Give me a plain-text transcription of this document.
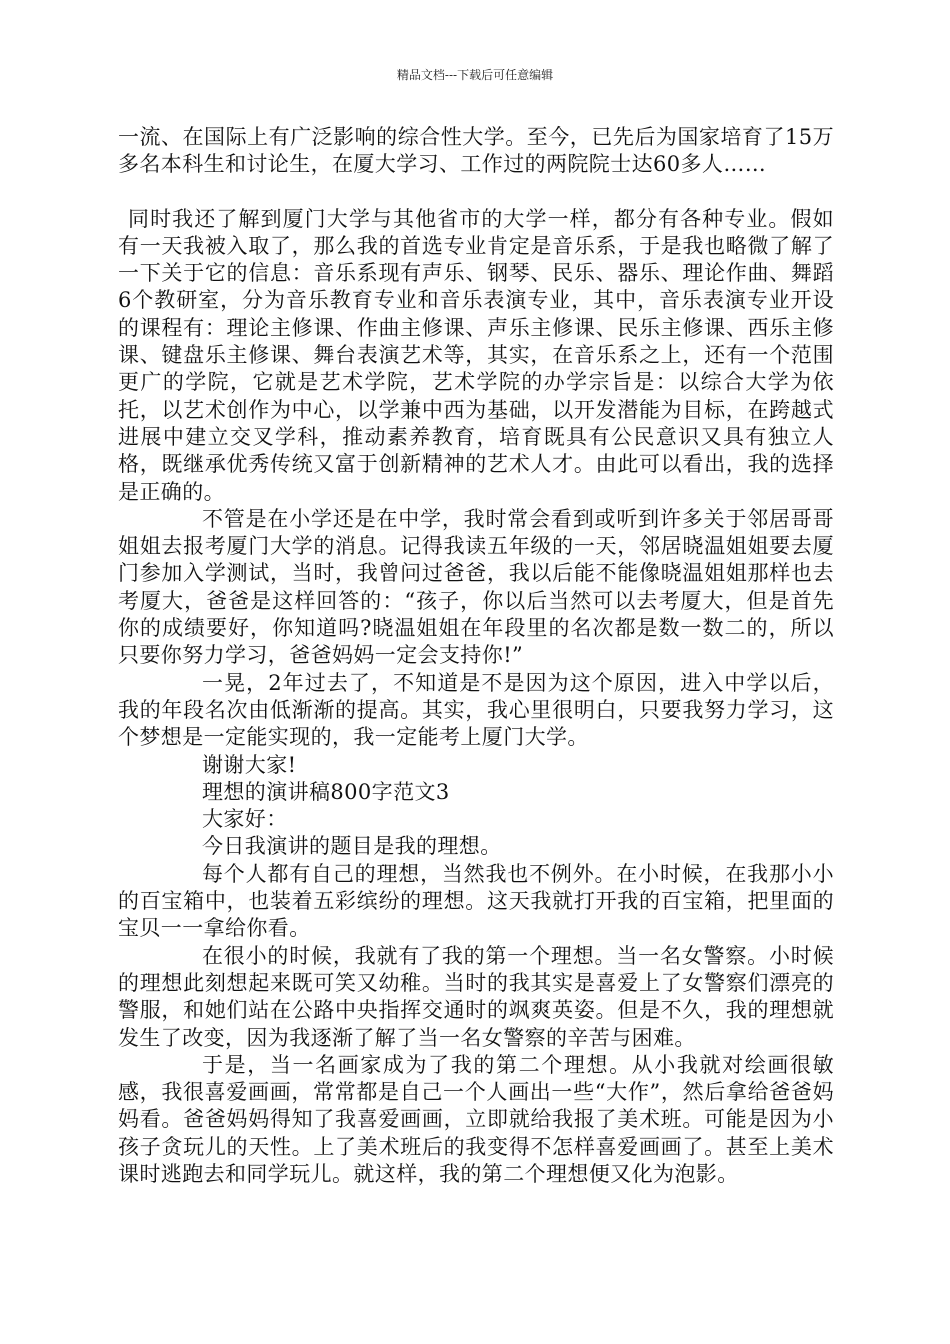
精品文档---下载后可任意编辑

一流、在国际上有广泛影响的综合性大学。至今，已先后为国家培育了15万多名本科生和讨论生，在厦大学习、工作过的两院院士达60多人……

同时我还了解到厦门大学与其他省市的大学一样，都分有各种专业。假如有一天我被入取了，那么我的首选专业肯定是音乐系，于是我也略微了解了一下关于它的信息：音乐系现有声乐、钢琴、民乐、器乐、理论作曲、舞蹈6个教研室，分为音乐教育专业和音乐表演专业，其中，音乐表演专业开设的课程有：理论主修课、作曲主修课、声乐主修课、民乐主修课、西乐主修课、键盘乐主修课、舞台表演艺术等，其实，在音乐系之上，还有一个范围更广的学院，它就是艺术学院，艺术学院的办学宗旨是：以综合大学为依托，以艺术创作为中心，以学兼中西为基础，以开发潜能为目标，在跨越式进展中建立交叉学科，推动素养教育，培育既具有公民意识又具有独立人格，既继承优秀传统又富于创新精神的艺术人才。由此可以看出，我的选择是正确的。

不管是在小学还是在中学，我时常会看到或听到许多关于邻居哥哥姐姐去报考厦门大学的消息。记得我读五年级的一天，邻居晓温姐姐要去厦门参加入学测试，当时，我曾问过爸爸，我以后能不能像晓温姐姐那样也去考厦大，爸爸是这样回答的：“孩子，你以后当然可以去考厦大，但是首先你的成绩要好，你知道吗?晓温姐姐在年段里的名次都是数一数二的，所以只要你努力学习，爸爸妈妈一定会支持你!”

一晃，2年过去了，不知道是不是因为这个原因，进入中学以后，我的年段名次由低渐渐的提高。其实，我心里很明白，只要我努力学习，这个梦想是一定能实现的，我一定能考上厦门大学。

谢谢大家!

理想的演讲稿800字范文3

大家好：

今日我演讲的题目是我的理想。

每个人都有自己的理想，当然我也不例外。在小时候，在我那小小的百宝箱中，也装着五彩缤纷的理想。这天我就打开我的百宝箱，把里面的宝贝一一拿给你看。

在很小的时候，我就有了我的第一个理想。当一名女警察。小时候的理想此刻想起来既可笑又幼稚。当时的我其实是喜爱上了女警察们漂亮的警服，和她们站在公路中央指挥交通时的飒爽英姿。但是不久，我的理想就发生了改变，因为我逐渐了解了当一名女警察的辛苦与困难。

于是，当一名画家成为了我的第二个理想。从小我就对绘画很敏感，我很喜爱画画，常常都是自己一个人画出一些“大作”，然后拿给爸爸妈妈看。爸爸妈妈得知了我喜爱画画，立即就给我报了美术班。可能是因为小孩子贪玩儿的天性。上了美术班后的我变得不怎样喜爱画画了。甚至上美术课时逃跑去和同学玩儿。就这样，我的第二个理想便又化为泡影。
